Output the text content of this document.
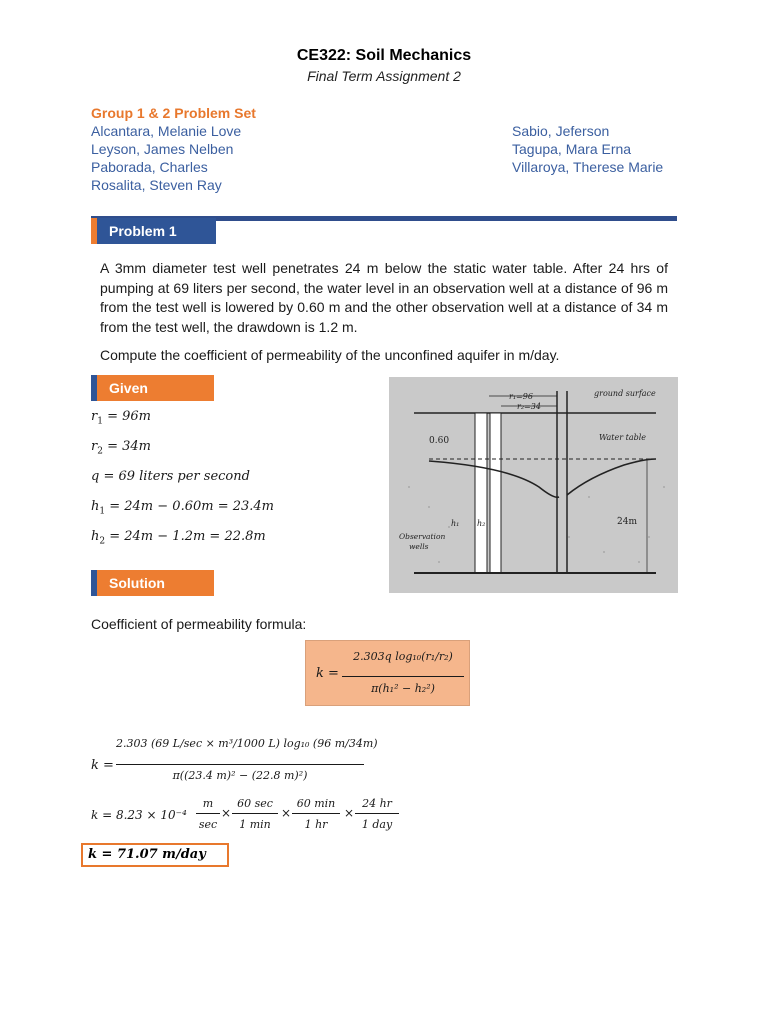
CE322: Soil Mechanics
Final Term Assignment 2
Group 1 & 2 Problem Set
Alcantara, Melanie Love
Leyson, James Nelben
Paborada, Charles
Rosalita, Steven Ray
Sabio, Jeferson
Tagupa, Mara Erna
Villaroya, Therese Marie
Problem 1
A 3mm diameter test well penetrates 24 m below the static water table. After 24 hrs of pumping at 69 liters per second, the water level in an observation well at a distance of 96 m from the test well is lowered by 0.60 m and the other observation well at a distance of 34 m from the test well, the drawdown is 1.2 m.
Compute the coefficient of permeability of the unconfined aquifer in m/day.
Given
$r_1 = 96m$
$r_2 = 34m$
q = 69 liters per second
$h_1 = 24m - 0.60m = 23.4m$
$h_2 = 24m - 1.2m = 22.8m$
ground surface
r₁=96
r₂=34
Water table
0.60
h₁ h₂	24m
Observation
wells
Solution
Coefficient of permeability formula:
k =
2.303q log₁₀(r₁/r₂)
π(h₁² − h₂²)
k =
2.303 (69 L/sec × m³/1000 L) log₁₀ (96 m/34m)
π((23.4 m)² − (22.8 m)²)
k = 8.23 × 10⁻⁴
m
sec
×
60 sec
1 min
×
60 min
1 hr
×
24 hr
1 day
k = 71.07 m/day
